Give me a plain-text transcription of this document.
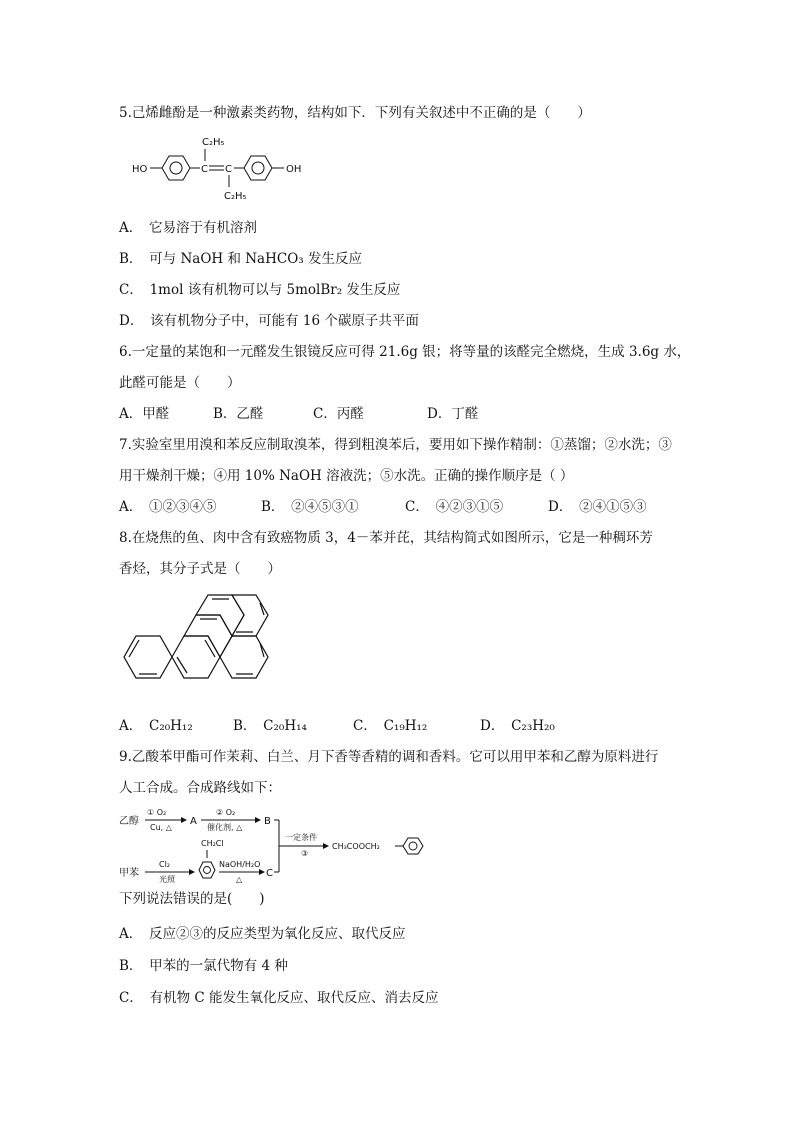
5.己烯雌酚是一种激素类药物，结构如下．下列有关叙述中不正确的是（　　）
HO	C C
C₂H₅
C₂H₅
OH
A．　它易溶于有机溶剂
B．　可与 NaOH 和 NaHCO₃ 发生反应
C．　1mol 该有机物可以与 5molBr₂ 发生反应
D．　该有机物分子中，可能有 16 个碳原子共平面
6.一定量的某饱和一元醛发生银镜反应可得 21.6g 银；将等量的该醛完全燃烧，生成 3.6g 水，
此醛可能是（　　）
A．甲醛	B．乙醛	C．丙醛	D．丁醛
7.实验室里用溴和苯反应制取溴苯，得到粗溴苯后，要用如下操作精制：①蒸馏；②水洗；③
用干燥剂干燥；④用 10% NaOH 溶液洗；⑤水洗。正确的操作顺序是（ ）
A．　①②③④⑤	B．　②④⑤③①	C．　④②③①⑤	D．　②④①⑤③
8.在烧焦的鱼、肉中含有致癌物质 3，4－苯并芘，其结构简式如图所示，它是一种稠环芳
香烃，其分子式是（　　）
A．　C₂₀H₁₂	B．　C₂₀H₁₄	C．　C₁₉H₁₂	D．　C₂₃H₂₀
9.乙酸苯甲酯可作茉莉、白兰、月下香等香精的调和香料。它可以用甲苯和乙醇为原料进行
人工合成。合成路线如下：
乙醇
① O₂
Cu, △
A
② O₂
催化剂, △
B
一定条件
③
CH₃COOCH₂
甲苯
Cl₂
光照
CH₂Cl
NaOH/H₂O
△
C
下列说法错误的是(　　)
A．　反应②③的反应类型为氧化反应、取代反应
B．　甲苯的一氯代物有 4 种
C．　有机物 C 能发生氧化反应、取代反应、消去反应
